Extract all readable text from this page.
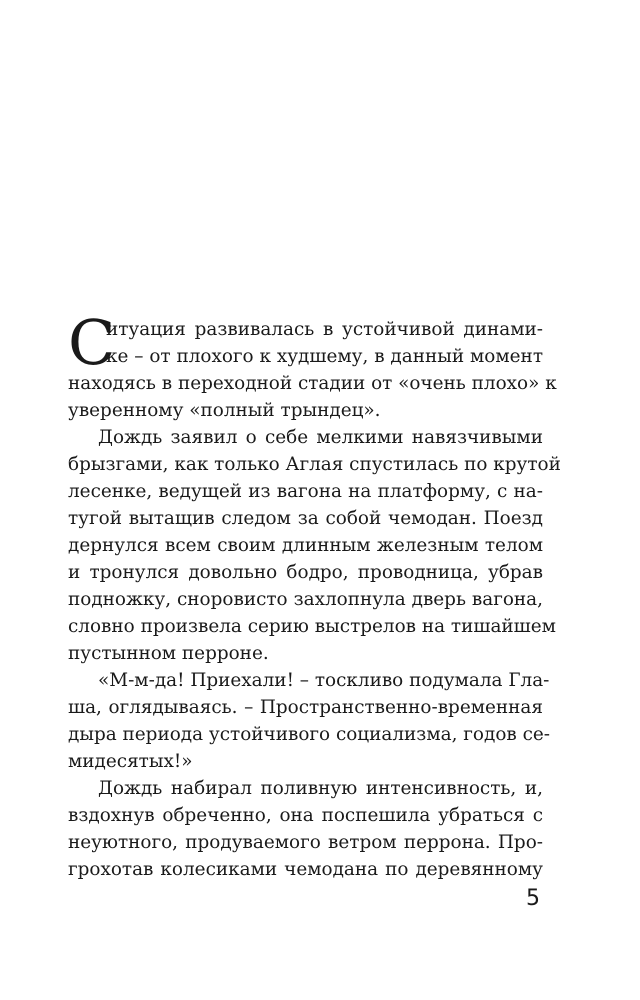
С
итуация развивалась в устойчивой динами-
ке – от плохого к худшему, в данный момент
находясь в переходной стадии от «очень плохо» к
уверенному «полный трындец».
Дождь заявил о себе мелкими навязчивыми
брызгами, как только Аглая спустилась по крутой
лесенке, ведущей из вагона на платформу, с на-
тугой вытащив следом за собой чемодан. Поезд
дернулся всем своим длинным железным телом
и тронулся довольно бодро, проводница, убрав
подножку, сноровисто захлопнула дверь вагона,
словно произвела серию выстрелов на тишайшем
пустынном перроне.
«М-м-да! Приехали! – тоскливо подумала Гла-
ша, оглядываясь. – Пространственно-временная
дыра периода устойчивого социализма, годов се-
мидесятых!»
Дождь набирал поливную интенсивность, и,
вздохнув обреченно, она поспешила убраться с
неуютного, продуваемого ветром перрона. Про-
грохотав колесиками чемодана по деревянному
5
